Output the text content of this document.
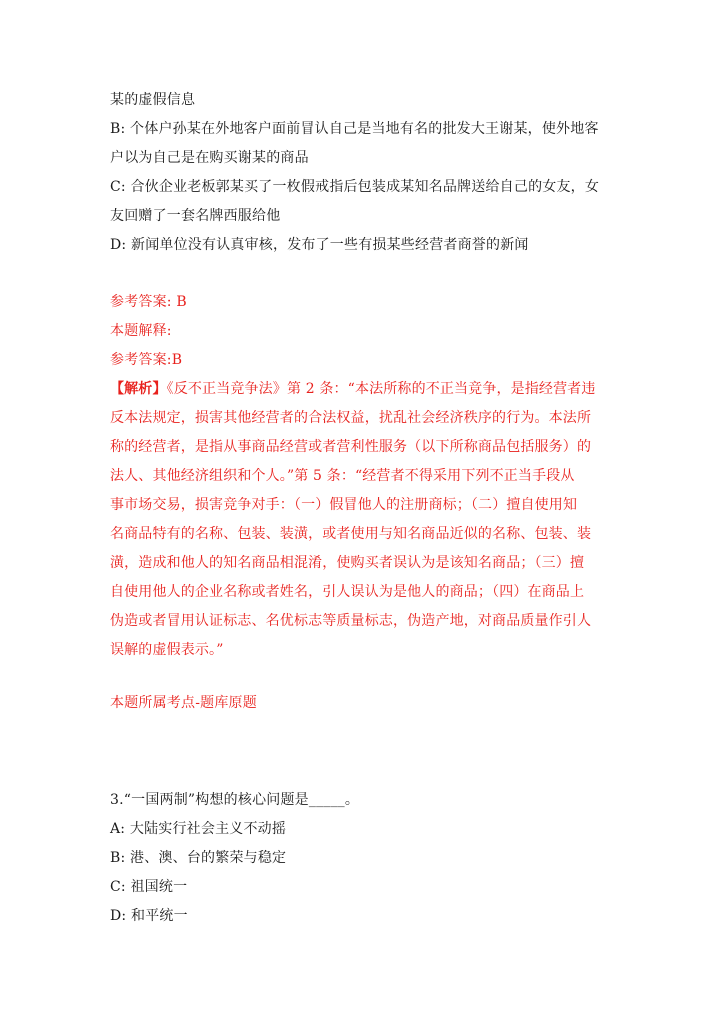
某的虚假信息
B: 个体户孙某在外地客户面前冒认自己是当地有名的批发大王谢某，使外地客
户以为自己是在购买谢某的商品
C: 合伙企业老板郭某买了一枚假戒指后包装成某知名品牌送给自己的女友，女
友回赠了一套名牌西服给他
D: 新闻单位没有认真审核，发布了一些有损某些经营者商誉的新闻
参考答案: B
本题解释:
参考答案:B
【解析】《反不正当竞争法》第 2 条：“本法所称的不正当竞争，是指经营者违
反本法规定，损害其他经营者的合法权益，扰乱社会经济秩序的行为。本法所
称的经营者，是指从事商品经营或者营利性服务（以下所称商品包括服务）的
法人、其他经济组织和个人。”第 5 条：“经营者不得采用下列不正当手段从
事市场交易，损害竞争对手：（一）假冒他人的注册商标；（二）擅自使用知
名商品特有的名称、包装、装潢，或者使用与知名商品近似的名称、包装、装
潢，造成和他人的知名商品相混淆，使购买者误认为是该知名商品；（三）擅
自使用他人的企业名称或者姓名，引人误认为是他人的商品；（四）在商品上
伪造或者冒用认证标志、名优标志等质量标志，伪造产地，对商品质量作引人
误解的虚假表示。”
本题所属考点-题库原题
3.“一国两制”构想的核心问题是_____。
A: 大陆实行社会主义不动摇
B: 港、澳、台的繁荣与稳定
C: 祖国统一
D: 和平统一
